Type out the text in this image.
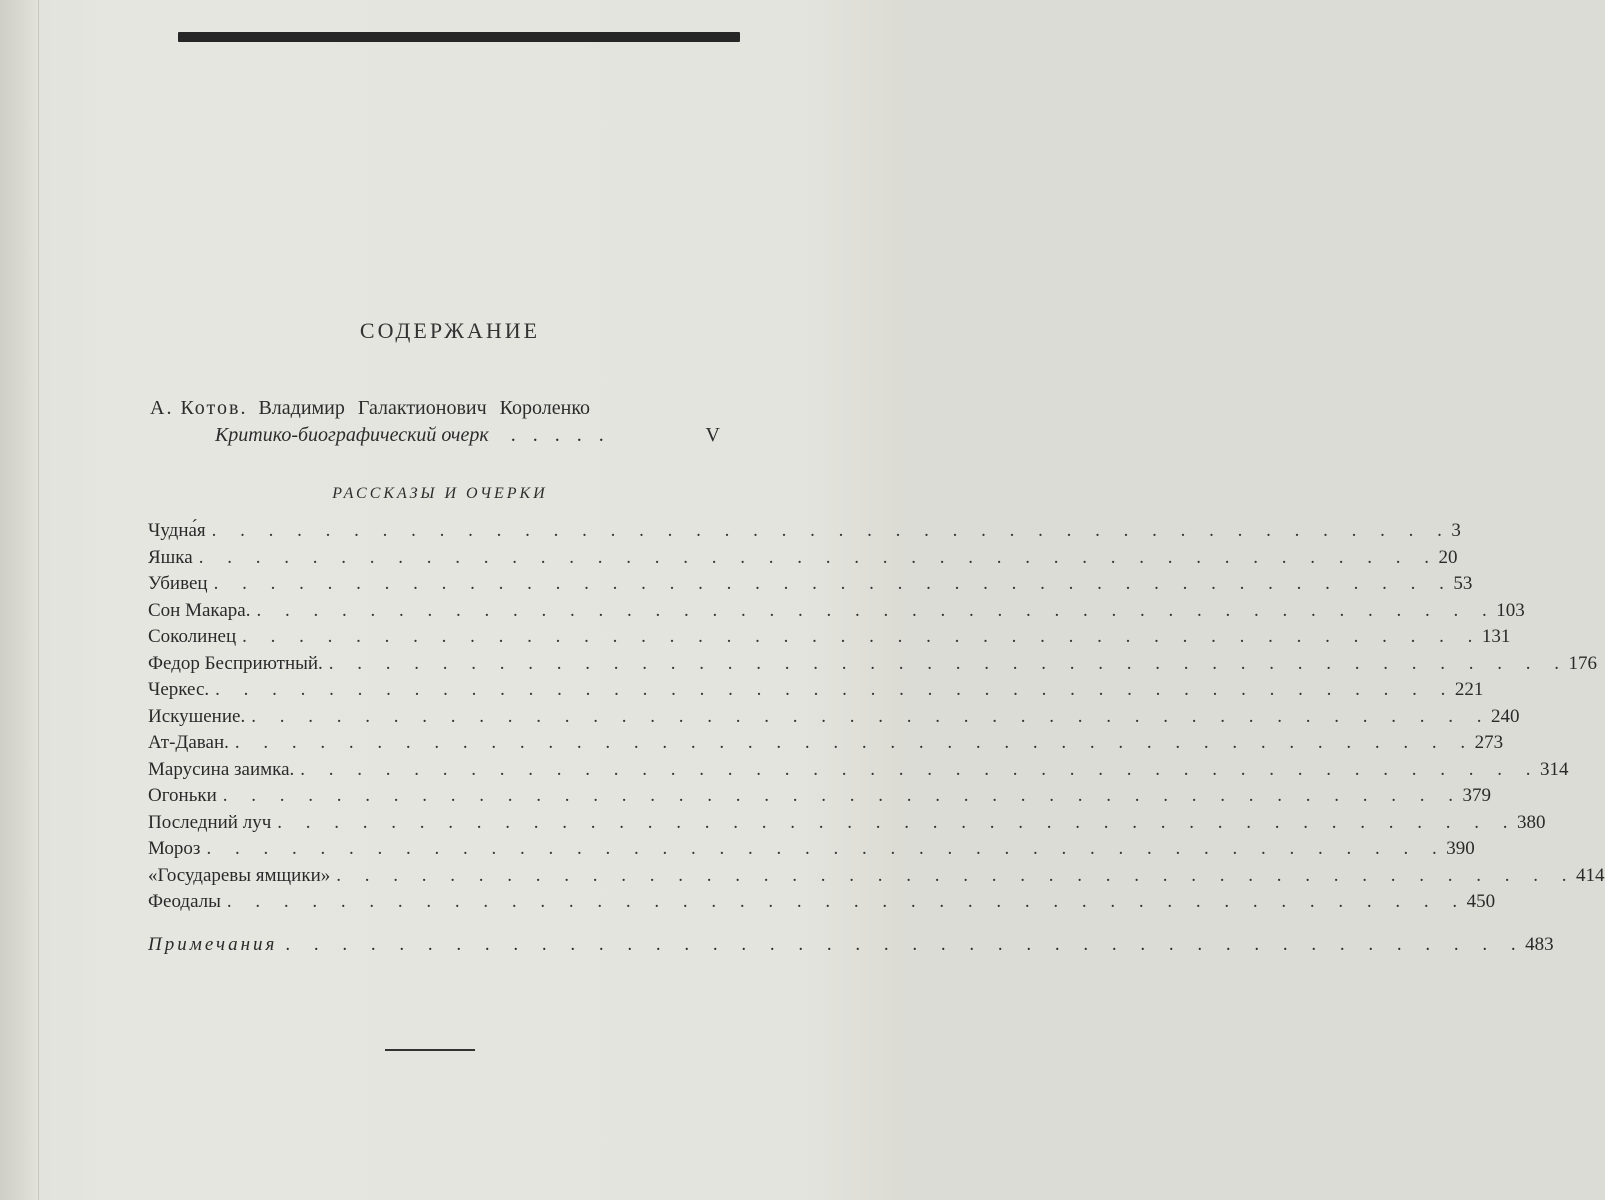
СОДЕРЖАНИЕ
А. Котов. Владимир Галактионович Короленко
Критико-биографический очерк . . . . .	V
РАССКАЗЫ И ОЧЕРКИ
Чудна́я . . . . . . . . . . . . . . . . . . . . . . . . . . . . . . . . . . . . . . . . . . . . 3
Яшка . . . . . . . . . . . . . . . . . . . . . . . . . . . . . . . . . . . . . . . . . . . . 20
Убивец . . . . . . . . . . . . . . . . . . . . . . . . . . . . . . . . . . . . . . . . . . . . 53
Сон Макара. . . . . . . . . . . . . . . . . . . . . . . . . . . . . . . . . . . . . . . . . . . . . 103
Соколинец . . . . . . . . . . . . . . . . . . . . . . . . . . . . . . . . . . . . . . . . . . . . 131
Федор Бесприютный. . . . . . . . . . . . . . . . . . . . . . . . . . . . . . . . . . . . . . . . . . . . . 176
Черкес. . . . . . . . . . . . . . . . . . . . . . . . . . . . . . . . . . . . . . . . . . . . . 221
Искушение. . . . . . . . . . . . . . . . . . . . . . . . . . . . . . . . . . . . . . . . . . . . . 240
Ат-Даван. . . . . . . . . . . . . . . . . . . . . . . . . . . . . . . . . . . . . . . . . . . . . 273
Марусина заимка. . . . . . . . . . . . . . . . . . . . . . . . . . . . . . . . . . . . . . . . . . . . . 314
Огоньки . . . . . . . . . . . . . . . . . . . . . . . . . . . . . . . . . . . . . . . . . . . . 379
Последний луч . . . . . . . . . . . . . . . . . . . . . . . . . . . . . . . . . . . . . . . . . . . . 380
Мороз . . . . . . . . . . . . . . . . . . . . . . . . . . . . . . . . . . . . . . . . . . . . 390
«Государевы ямщики» . . . . . . . . . . . . . . . . . . . . . . . . . . . . . . . . . . . . . . . . . . . . 414
Феодалы . . . . . . . . . . . . . . . . . . . . . . . . . . . . . . . . . . . . . . . . . . . . 450
Примечания . . . . . . . . . . . . . . . . . . . . . . . . . . . . . . . . . . . . . . . . . . . . 483
